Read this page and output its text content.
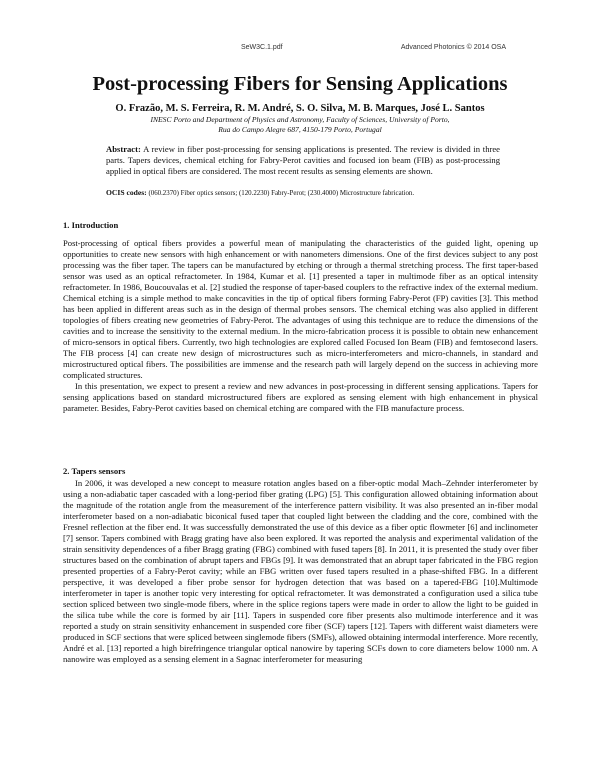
SeW3C.1.pdf	Advanced Photonics © 2014 OSA
Post-processing Fibers for Sensing Applications
O. Frazão, M. S. Ferreira, R. M. André, S. O. Silva, M. B. Marques, José L. Santos
INESC Porto and Department of Physics and Astronomy, Faculty of Sciences, University of Porto,
Rua do Campo Alegre 687, 4150-179 Porto, Portugal
Abstract: A review in fiber post-processing for sensing applications is presented. The review is divided in three parts. Tapers devices, chemical etching for Fabry-Perot cavities and focused ion beam (FIB) as post-processing applied in optical fibers are considered. The most recent results as sensing elements are shown.
OCIS codes: (060.2370) Fiber optics sensors; (120.2230) Fabry-Perot; (230.4000) Microstructure fabrication.
1. Introduction

Post-processing of optical fibers provides a powerful mean of manipulating the characteristics of the guided light, opening up opportunities to create new sensors with high enhancement or with nanometers dimensions. One of the first devices subject to any post processing was the fiber taper. The tapers can be manufactured by etching or through a thermal stretching process. The first taper-based sensor was used as an optical refractometer. In 1984, Kumar et al. [1] presented a taper in multimode fiber as an optical intensity refractometer. In 1986, Boucouvalas et al. [2] studied the response of taper-based couplers to the refractive index of the external medium. Chemical etching is a simple method to make concavities in the tip of optical fibers forming Fabry-Perot (FP) cavities [3]. This method has been applied in different areas such as in the design of thermal probes sensors. The chemical etching was also applied in different topologies of fibers creating new geometries of Fabry-Perot. The advantages of using this technique are to reduce the dimensions of the cavities and to increase the sensitivity to the external medium. In the micro-fabrication process it is possible to obtain new enhancement of micro-sensors in optical fibers. Currently, two high technologies are explored called Focused Ion Beam (FIB) and femtosecond lasers. The FIB process [4] can create new design of microstructures such as micro-interferometers and micro-channels, in standard and microstructured optical fibers. The possibilities are immense and the research path will largely depend on the success in achieving more complicated structures.

In this presentation, we expect to present a review and new advances in post-processing in different sensing applications. Tapers for sensing applications based on standard microstructured fibers are explored as sensing element with high enhancement in physical parameter. Besides, Fabry-Perot cavities based on chemical etching are compared with the FIB manufacture process.

2. Tapers sensors

In 2006, it was developed a new concept to measure rotation angles based on a fiber-optic modal Mach–Zehnder interferometer by using a non-adiabatic taper cascaded with a long-period fiber grating (LPG) [5]. This configuration allowed obtaining information about the magnitude of the rotation angle from the measurement of the interference pattern visibility. It was also presented an in-fiber modal interferometer based on a non-adiabatic biconical fused taper that coupled light between the cladding and the core, combined with the Fresnel reflection at the fiber end. It was successfully demonstrated the use of this device as a fiber optic flowmeter [6] and inclinometer [7] sensor. Tapers combined with Bragg grating have also been explored. It was reported the analysis and experimental validation of the strain sensitivity dependences of a fiber Bragg grating (FBG) combined with fused tapers [8]. In 2011, it is presented the study over fiber structures based on the combination of abrupt tapers and FBGs [9]. It was demonstrated that an abrupt taper fabricated in the FBG region presented properties of a Fabry-Perot cavity; while an FBG written over fused tapers resulted in a phase-shifted FBG. In a different perspective, it was developed a fiber probe sensor for hydrogen detection that was based on a tapered-FBG [10].Multimode interferometer in taper is another topic very interesting for optical refractometer. It was demonstrated a configuration used a silica tube section spliced between two single-mode fibers, where in the splice regions tapers were made in order to allow the light to be guided in the silica tube while the core is formed by air [11]. Tapers in suspended core fiber presents also multimode interference and it was reported a study on strain sensitivity enhancement in suspended core fiber (SCF) tapers [12]. Tapers with different waist diameters were produced in SCF sections that were spliced between singlemode fibers (SMFs), allowed obtaining intermodal interference. More recently, André et al. [13] reported a high birefringence triangular optical nanowire by tapering SCFs down to core diameters below 1000 nm. A nanowire was employed as a sensing element in a Sagnac interferometer for measuring
